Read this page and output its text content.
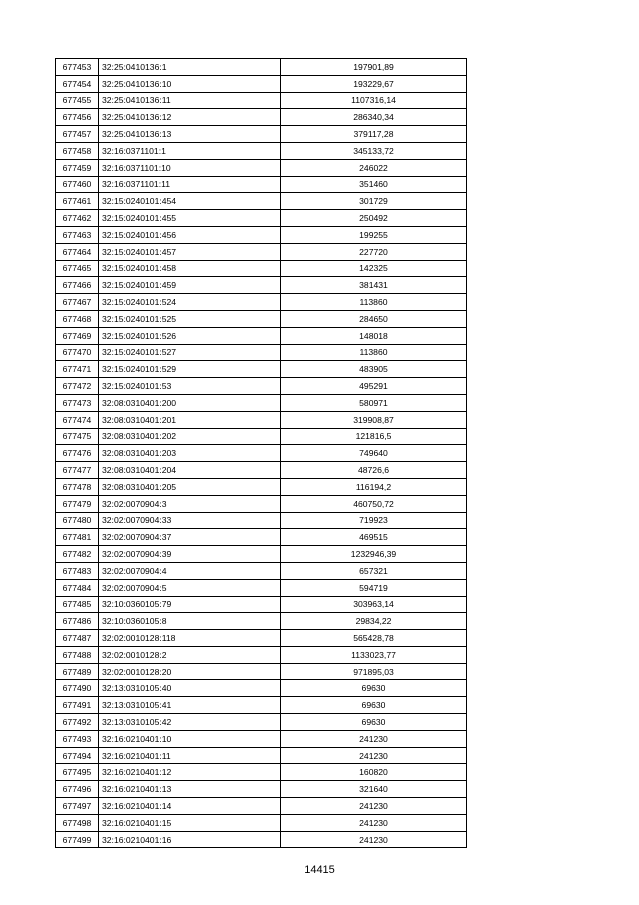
677453	32:25:0410136:1	197901,89
677454	32:25:0410136:10	193229,67
677455	32:25:0410136:11	1107316,14
677456	32:25:0410136:12	286340,34
677457	32:25:0410136:13	379117,28
677458	32:16:0371101:1	345133,72
677459	32:16:0371101:10	246022
677460	32:16:0371101:11	351460
677461	32:15:0240101:454	301729
677462	32:15:0240101:455	250492
677463	32:15:0240101:456	199255
677464	32:15:0240101:457	227720
677465	32:15:0240101:458	142325
677466	32:15:0240101:459	381431
677467	32:15:0240101:524	113860
677468	32:15:0240101:525	284650
677469	32:15:0240101:526	148018
677470	32:15:0240101:527	113860
677471	32:15:0240101:529	483905
677472	32:15:0240101:53	495291
677473	32:08:0310401:200	580971
677474	32:08:0310401:201	319908,87
677475	32:08:0310401:202	121816,5
677476	32:08:0310401:203	749640
677477	32:08:0310401:204	48726,6
677478	32:08:0310401:205	116194,2
677479	32:02:0070904:3	460750,72
677480	32:02:0070904:33	719923
677481	32:02:0070904:37	469515
677482	32:02:0070904:39	1232946,39
677483	32:02:0070904:4	657321
677484	32:02:0070904:5	594719
677485	32:10:0360105:79	303963,14
677486	32:10:0360105:8	29834,22
677487	32:02:0010128:118	565428,78
677488	32:02:0010128:2	1133023,77
677489	32:02:0010128:20	971895,03
677490	32:13:0310105:40	69630
677491	32:13:0310105:41	69630
677492	32:13:0310105:42	69630
677493	32:16:0210401:10	241230
677494	32:16:0210401:11	241230
677495	32:16:0210401:12	160820
677496	32:16:0210401:13	321640
677497	32:16:0210401:14	241230
677498	32:16:0210401:15	241230
677499	32:16:0210401:16	241230
14415
